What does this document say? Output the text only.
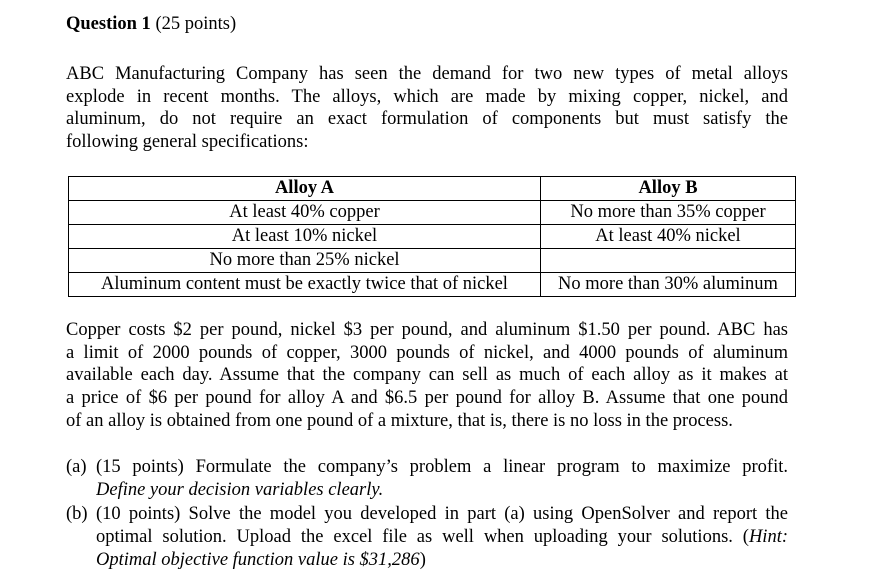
Question 1 (25 points)
ABC Manufacturing Company has seen the demand for two new types of metal alloys
explode in recent months. The alloys, which are made by mixing copper, nickel, and
aluminum, do not require an exact formulation of components but must satisfy the
following general specifications:
Alloy A	Alloy B
At least 40% copper	No more than 35% copper
At least 10% nickel	At least 40% nickel
No more than 25% nickel	
Aluminum content must be exactly twice that of nickel	No more than 30% aluminum
Copper costs $2 per pound, nickel $3 per pound, and aluminum $1.50 per pound. ABC has
a limit of 2000 pounds of copper, 3000 pounds of nickel, and 4000 pounds of aluminum
available each day. Assume that the company can sell as much of each alloy as it makes at
a price of $6 per pound for alloy A and $6.5 per pound for alloy B. Assume that one pound
of an alloy is obtained from one pound of a mixture, that is, there is no loss in the process.
(a) (15 points) Formulate the company’s problem a linear program to maximize profit.
Define your decision variables clearly.
(b) (10 points) Solve the model you developed in part (a) using OpenSolver and report the
optimal solution. Upload the excel file as well when uploading your solutions. (Hint:
Optimal objective function value is $31,286)
